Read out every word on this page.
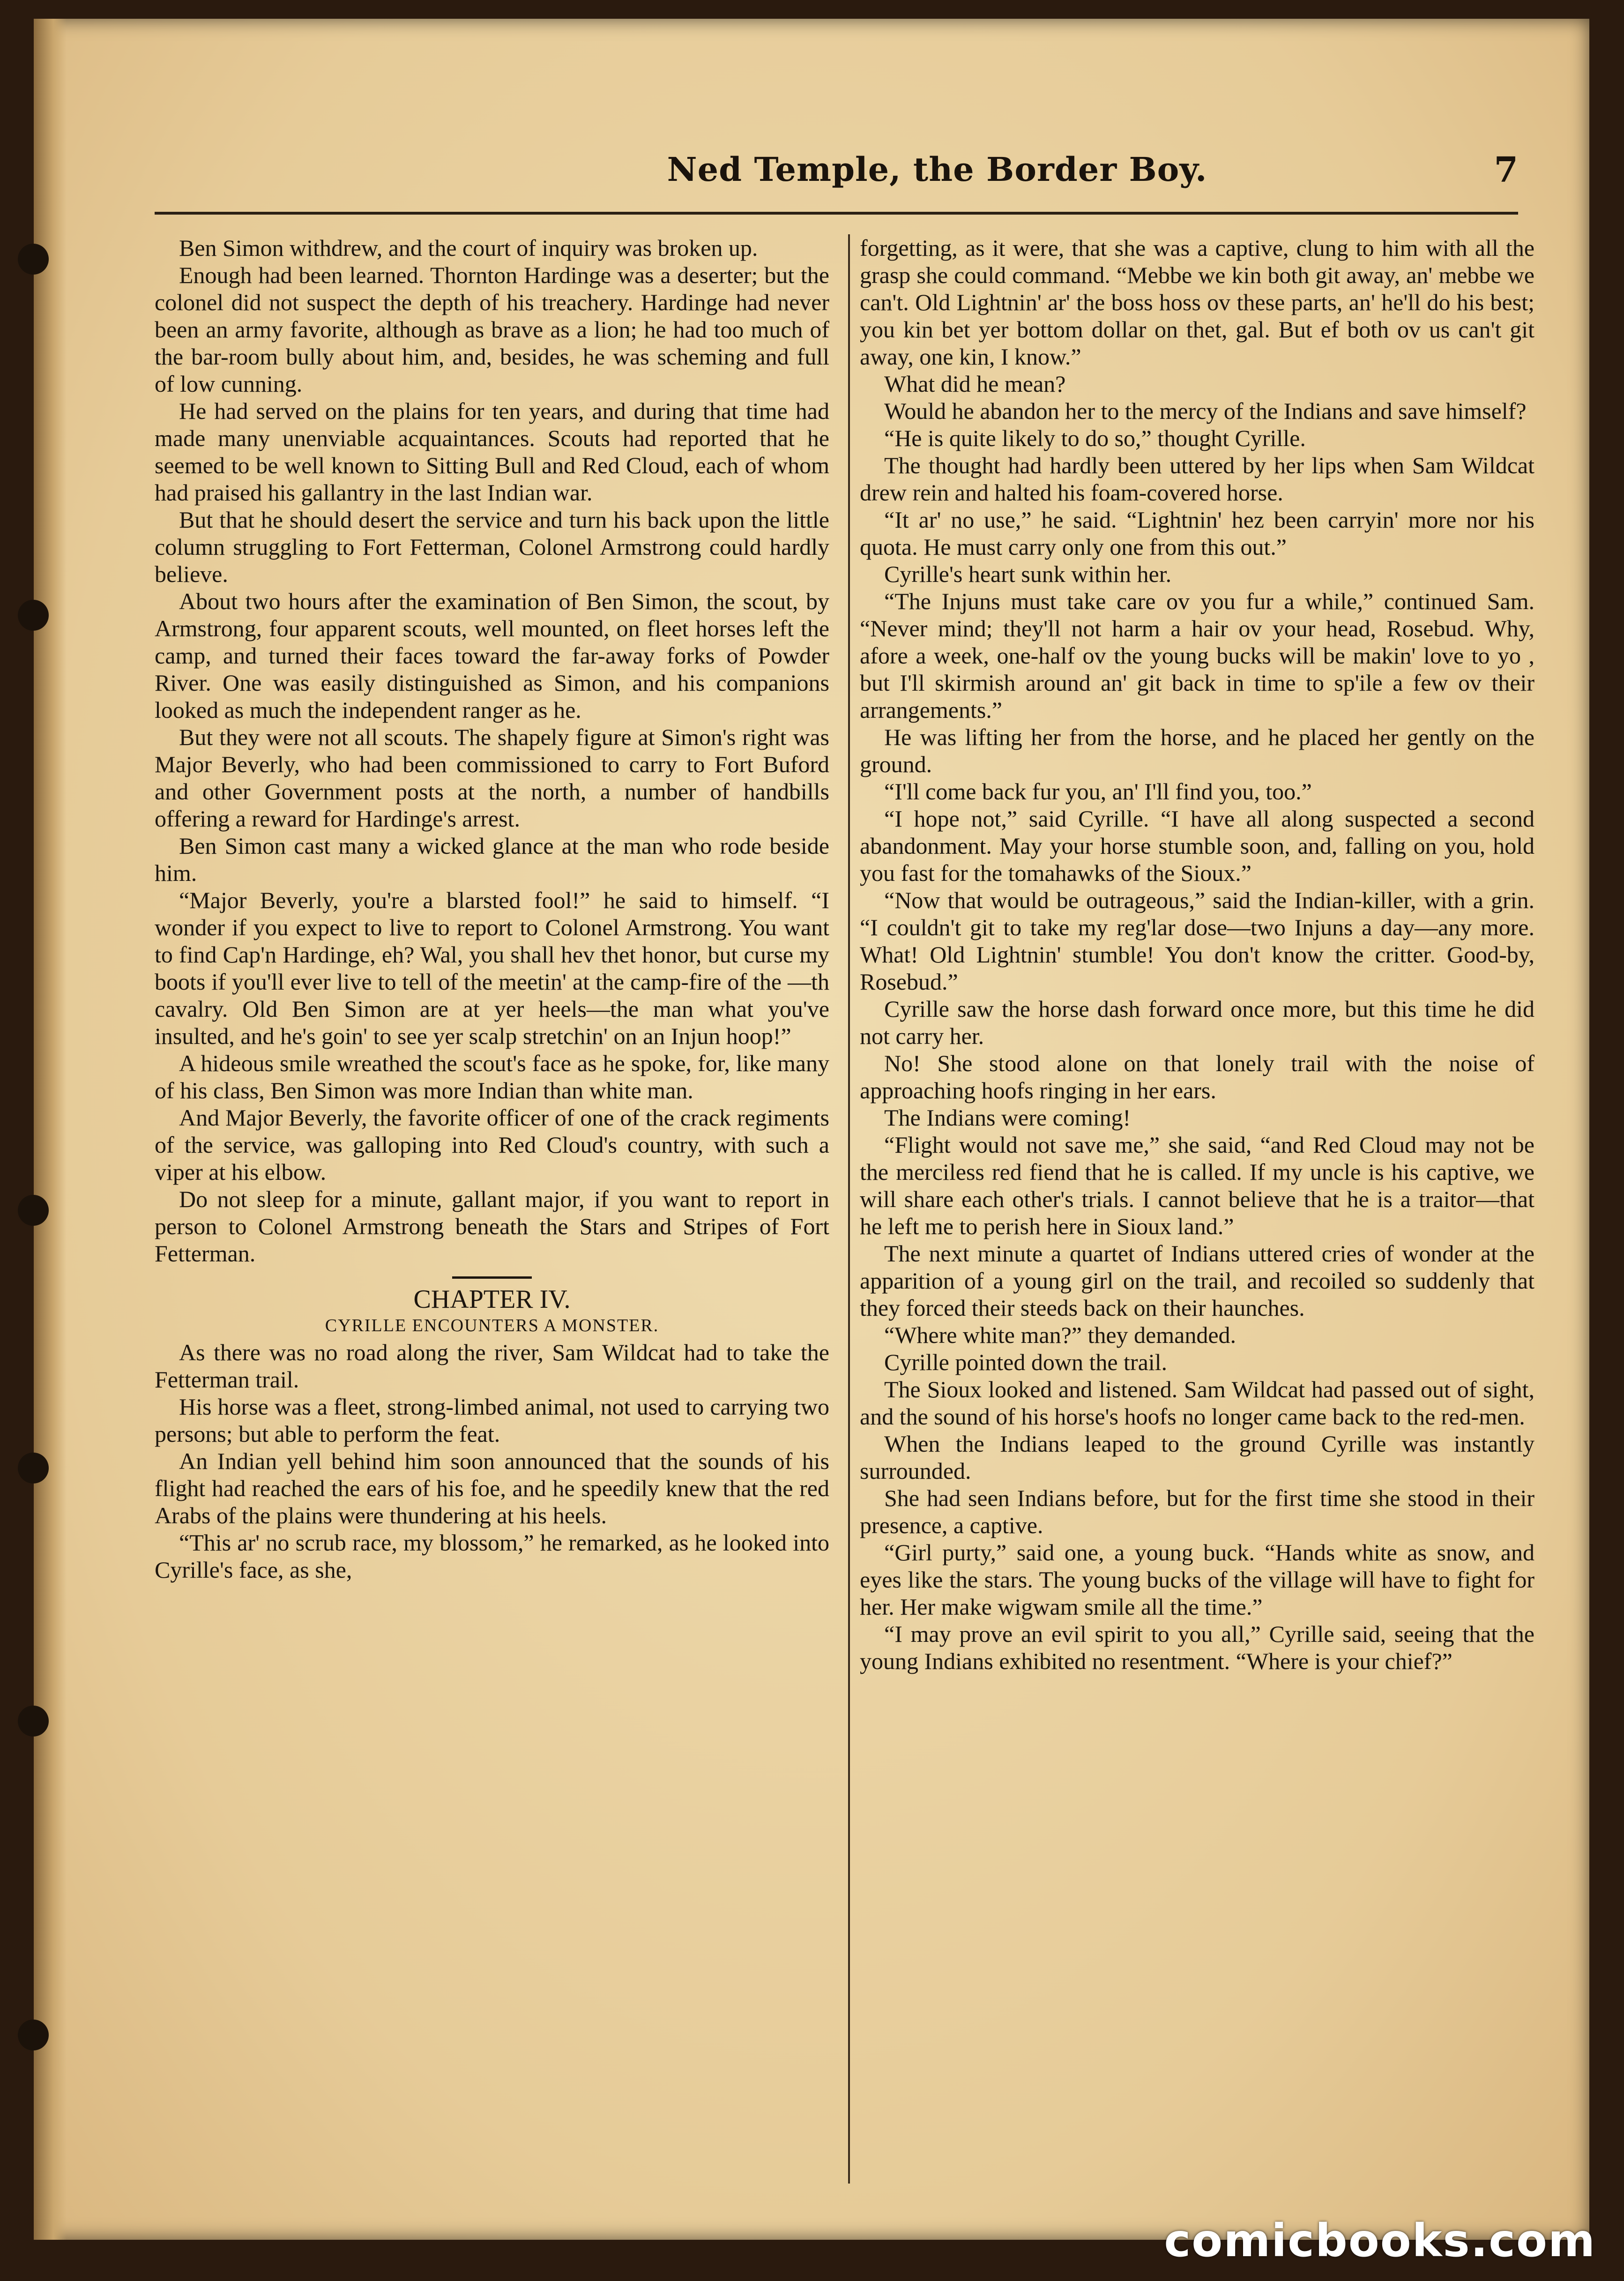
Ned Temple, the Border Boy.	7

Ben Simon withdrew, and the court of inquiry was broken up.

Enough had been learned. Thornton Hardinge was a deserter; but the colonel did not suspect the depth of his treachery. Hardinge had never been an army favorite, although as brave as a lion; he had too much of the bar-room bully about him, and, besides, he was scheming and full of low cunning.

He had served on the plains for ten years, and during that time had made many unenviable acquaintances. Scouts had reported that he seemed to be well known to Sitting Bull and Red Cloud, each of whom had praised his gallantry in the last Indian war.

But that he should desert the service and turn his back upon the little column struggling to Fort Fetterman, Colonel Armstrong could hardly believe.

About two hours after the examination of Ben Simon, the scout, by Armstrong, four apparent scouts, well mounted, on fleet horses left the camp, and turned their faces toward the far-away forks of Powder River. One was easily distinguished as Simon, and his companions looked as much the independent ranger as he.

But they were not all scouts. The shapely figure at Simon's right was Major Beverly, who had been commissioned to carry to Fort Buford and other Government posts at the north, a number of handbills offering a reward for Hardinge's arrest.

Ben Simon cast many a wicked glance at the man who rode beside him.

“Major Beverly, you're a blarsted fool!” he said to himself. “I wonder if you expect to live to report to Colonel Armstrong. You want to find Cap'n Hardinge, eh? Wal, you shall hev thet honor, but curse my boots if you'll ever live to tell of the meetin' at the camp-fire of the —th cavalry. Old Ben Simon are at yer heels—the man what you've insulted, and he's goin' to see yer scalp stretchin' on an Injun hoop!”

A hideous smile wreathed the scout's face as he spoke, for, like many of his class, Ben Simon was more Indian than white man.

And Major Beverly, the favorite officer of one of the crack regiments of the service, was galloping into Red Cloud's country, with such a viper at his elbow.

Do not sleep for a minute, gallant major, if you want to report in person to Colonel Armstrong beneath the Stars and Stripes of Fort Fetterman.

CHAPTER IV.
CYRILLE ENCOUNTERS A MONSTER.

As there was no road along the river, Sam Wildcat had to take the Fetterman trail.

His horse was a fleet, strong-limbed animal, not used to carrying two persons; but able to perform the feat.

An Indian yell behind him soon announced that the sounds of his flight had reached the ears of his foe, and he speedily knew that the red Arabs of the plains were thundering at his heels.

“This ar' no scrub race, my blossom,” he remarked, as he looked into Cyrille's face, as she,

forgetting, as it were, that she was a captive, clung to him with all the grasp she could command. “Mebbe we kin both git away, an' mebbe we can't. Old Lightnin' ar' the boss hoss ov these parts, an' he'll do his best; you kin bet yer bottom dollar on thet, gal. But ef both ov us can't git away, one kin, I know.”

What did he mean?

Would he abandon her to the mercy of the Indians and save himself?

“He is quite likely to do so,” thought Cyrille.

The thought had hardly been uttered by her lips when Sam Wildcat drew rein and halted his foam-covered horse.

“It ar' no use,” he said. “Lightnin' hez been carryin' more nor his quota. He must carry only one from this out.”

Cyrille's heart sunk within her.

“The Injuns must take care ov you fur a while,” continued Sam. “Never mind; they'll not harm a hair ov your head, Rosebud. Why, afore a week, one-half ov the young bucks will be makin' love to yo , but I'll skirmish around an' git back in time to sp'ile a few ov their arrangements.”

He was lifting her from the horse, and he placed her gently on the ground.

“I'll come back fur you, an' I'll find you, too.”

“I hope not,” said Cyrille. “I have all along suspected a second abandonment. May your horse stumble soon, and, falling on you, hold you fast for the tomahawks of the Sioux.”

“Now that would be outrageous,” said the Indian-killer, with a grin. “I couldn't git to take my reg'lar dose—two Injuns a day—any more. What! Old Lightnin' stumble! You don't know the critter. Good-by, Rosebud.”

Cyrille saw the horse dash forward once more, but this time he did not carry her.

No! She stood alone on that lonely trail with the noise of approaching hoofs ringing in her ears.

The Indians were coming!

“Flight would not save me,” she said, “and Red Cloud may not be the merciless red fiend that he is called. If my uncle is his captive, we will share each other's trials. I cannot believe that he is a traitor—that he left me to perish here in Sioux land.”

The next minute a quartet of Indians uttered cries of wonder at the apparition of a young girl on the trail, and recoiled so suddenly that they forced their steeds back on their haunches.

“Where white man?” they demanded.

Cyrille pointed down the trail.

The Sioux looked and listened. Sam Wildcat had passed out of sight, and the sound of his horse's hoofs no longer came back to the red-men.

When the Indians leaped to the ground Cyrille was instantly surrounded.

She had seen Indians before, but for the first time she stood in their presence, a captive.

“Girl purty,” said one, a young buck. “Hands white as snow, and eyes like the stars. The young bucks of the village will have to fight for her. Her make wigwam smile all the time.”

“I may prove an evil spirit to you all,” Cyrille said, seeing that the young Indians exhibited no resentment. “Where is your chief?”

comicbooks.com
